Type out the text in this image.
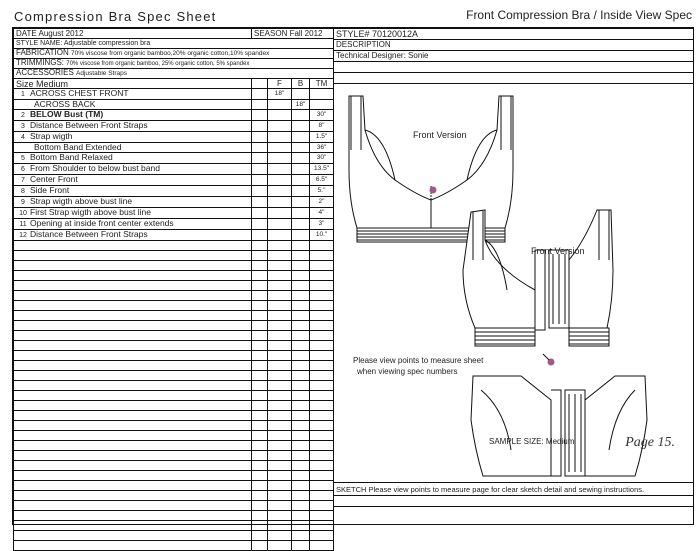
Compression Bra Spec Sheet	Front Compression Bra / Inside View Spec
DATE August 2012	SEASON Fall 2012			
STYLE NAME: Adjustable compression bra				
FABRICATION 70% viscose from organic bamboo,20% organic cotton,10% spandex				
TRIMMINGS: 70% viscose from organic bamboo, 25% organic cotton, 5% spandex				
ACCESSORIES Adjustable Straps				
Size Medium		F	B	TM
1 ACROSS CHEST FRONT		18"		
ACROSS BACK			18"	
2 BELOW Bust (TM)				30"
3 Distance Between Front Straps				8"
4 Strap wigth				1.5"
Bottom Band Extended				36"
5 Bottom Band Relaxed				30"
6 From Shoulder to below bust band				13.5"
7 Center Front				6.5"
8 Side Front				5."
9 Strap wigth above bust line				2"
10 First Strap wigth above bust line				4"
11 Opening at inside front center extends				3"
12 Distance Between Front Straps				10."

STYLE# 70120012A
DESCRIPTION
Technical Designer: Sonie
SKETCH Please view points to measure page for clear sketch detail and sewing instructions.
Front Version
Front Version
Please view points to measure sheet
when viewing spec numbers
SAMPLE SIZE: Medium	Page 15.
